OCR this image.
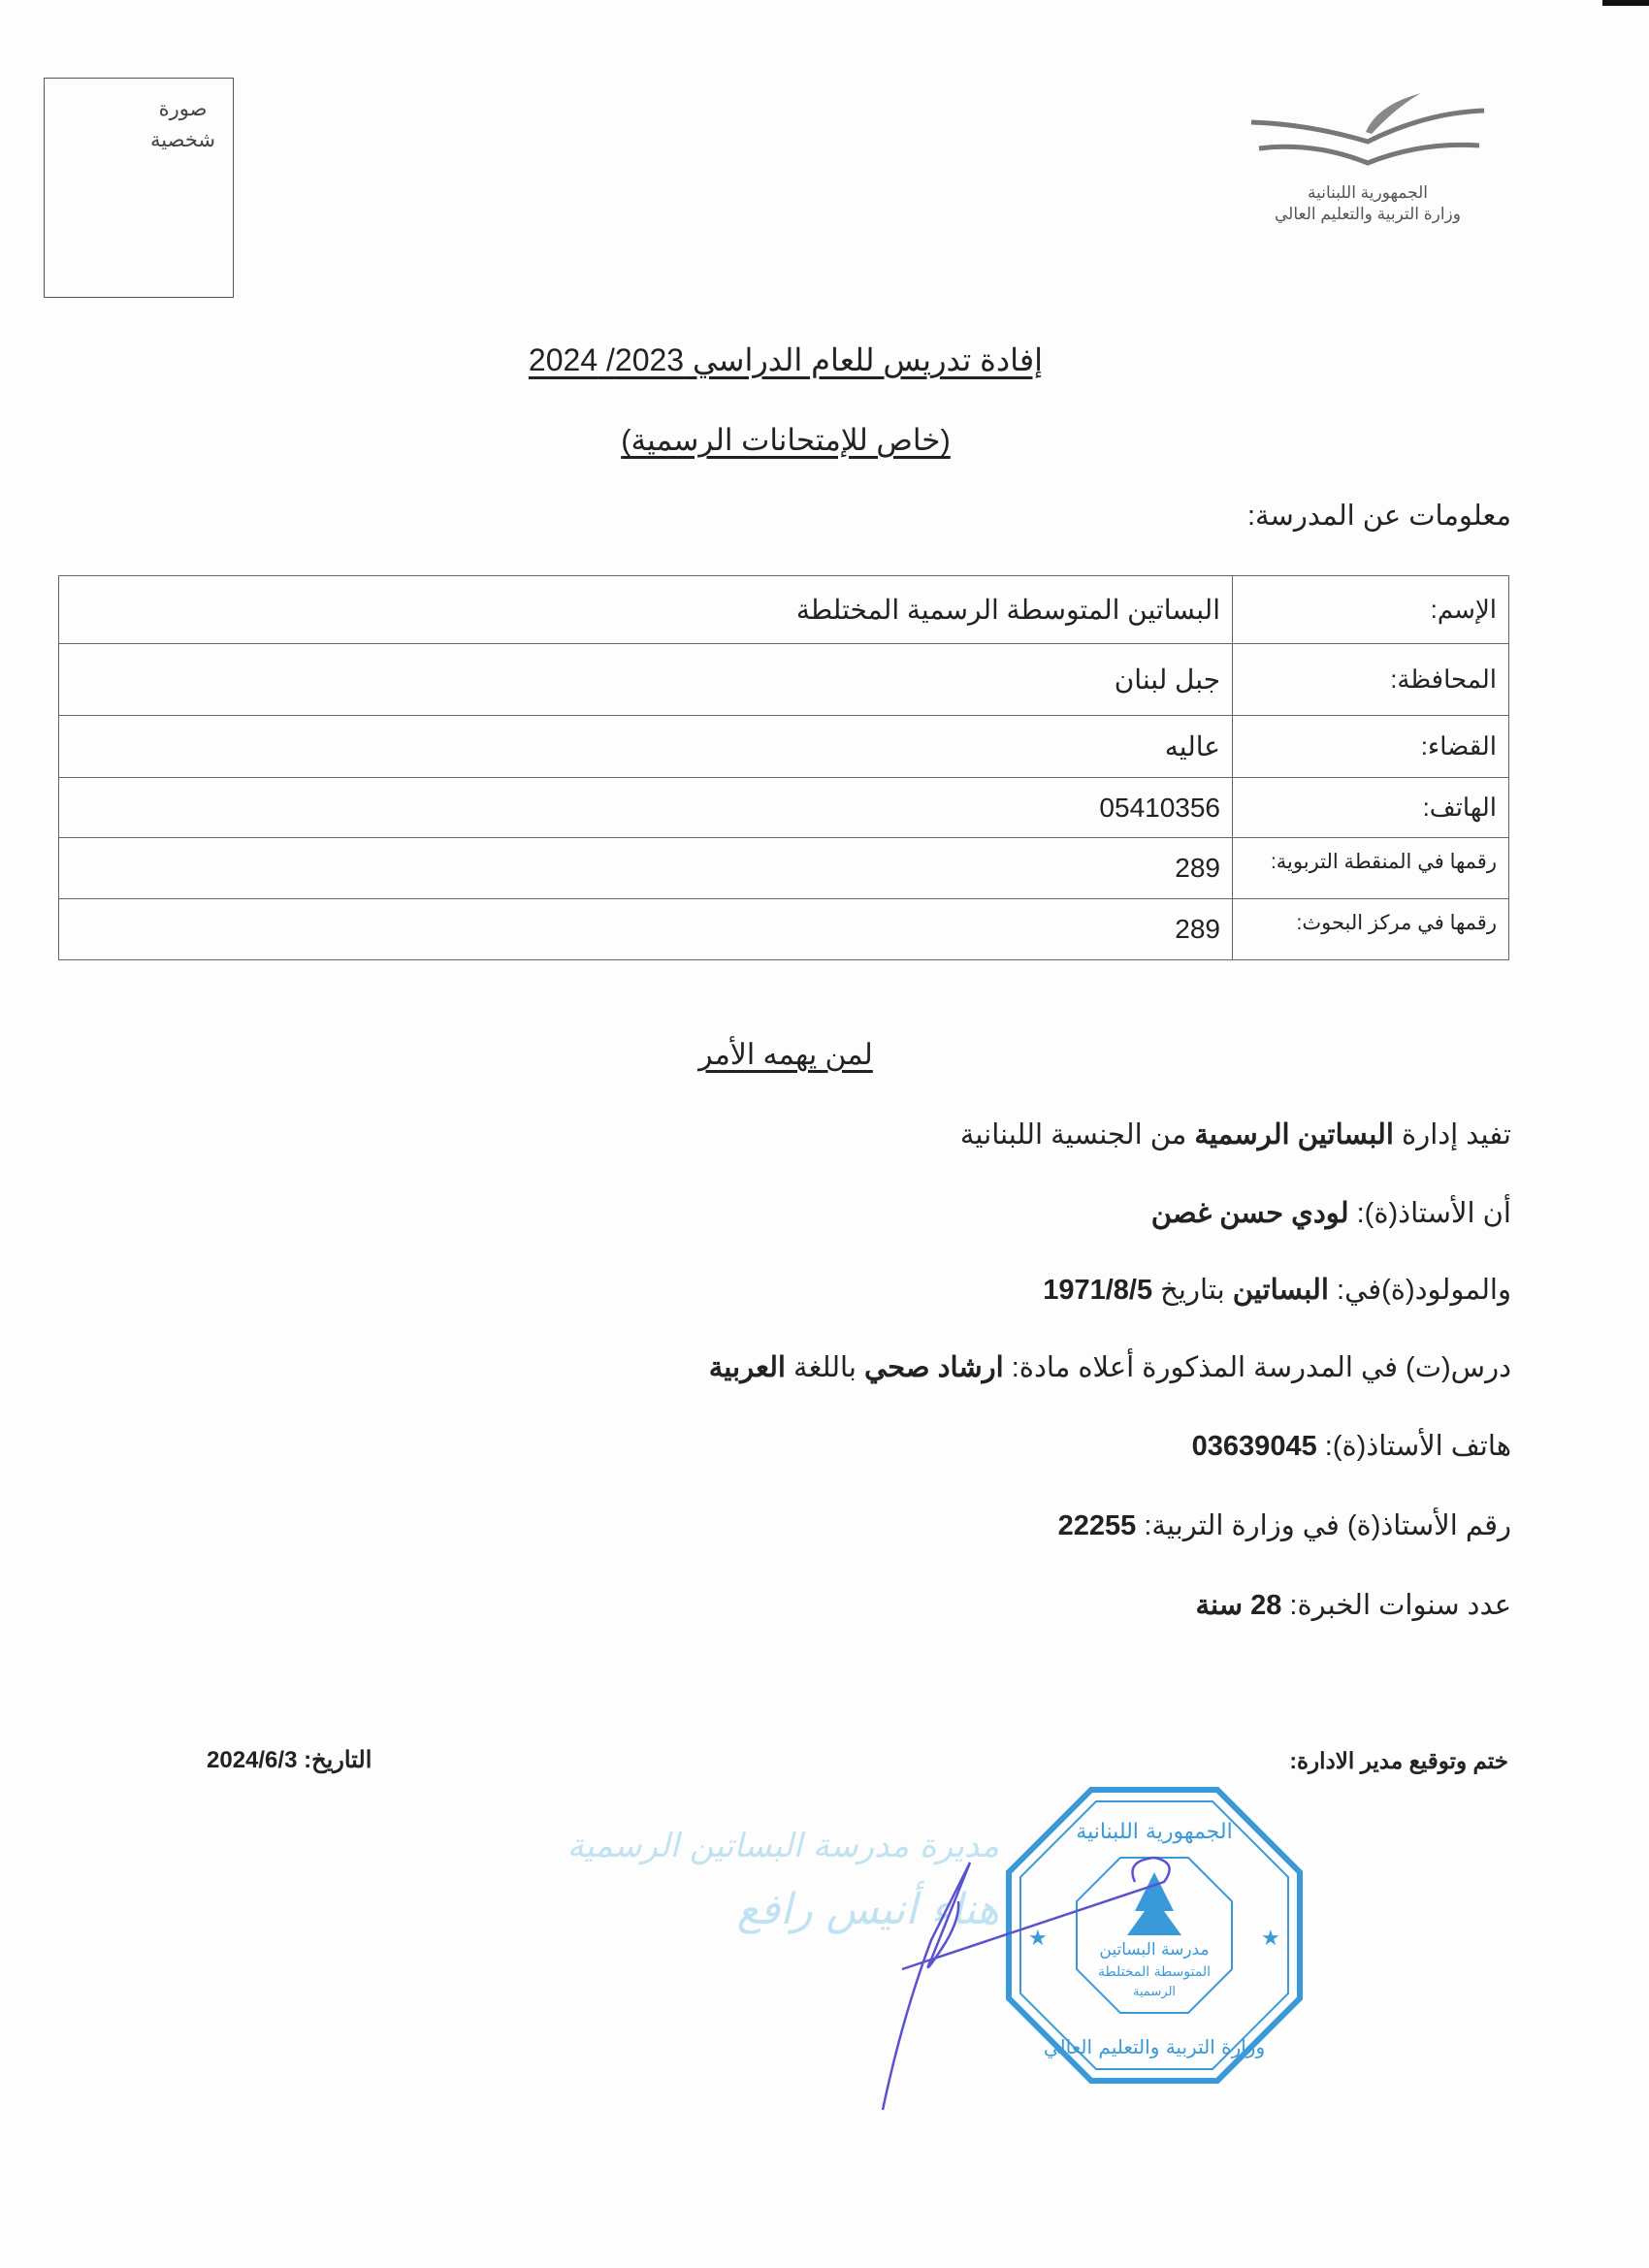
صورة
شخصية
الجمهورية اللبنانية
وزارة التربية والتعليم العالي
إفادة تدريس للعام الدراسي 2023/ 2024
(خاص للإمتحانات الرسمية)
معلومات عن المدرسة:
الإسم:	البساتين المتوسطة الرسمية المختلطة
المحافظة:	جبل لبنان
القضاء:	عاليه
الهاتف:	05410356
رقمها في المنقطة التربوية:	289
رقمها في مركز البحوث:	289
لمن يهمه الأمر
تفيد إدارة البساتين الرسمية من الجنسية اللبنانية
أن الأستاذ(ة): لودي حسن غصن
والمولود(ة)في: البساتين بتاريخ 1971/8/5
درس(ت) في المدرسة المذكورة أعلاه مادة: ارشاد صحي باللغة العربية
هاتف الأستاذ(ة): 03639045
رقم الأستاذ(ة) في وزارة التربية: 22255
عدد سنوات الخبرة: 28 سنة
ختم وتوقيع مدير الادارة:
التاريخ: 2024/6/3
مديرة مدرسة البساتين الرسمية
هناء أنيس رافع
الجمهورية اللبنانية
مدرسة البساتين
المتوسطة المختلطة
الرسمية
وزارة التربية والتعليم العالي
★
★
